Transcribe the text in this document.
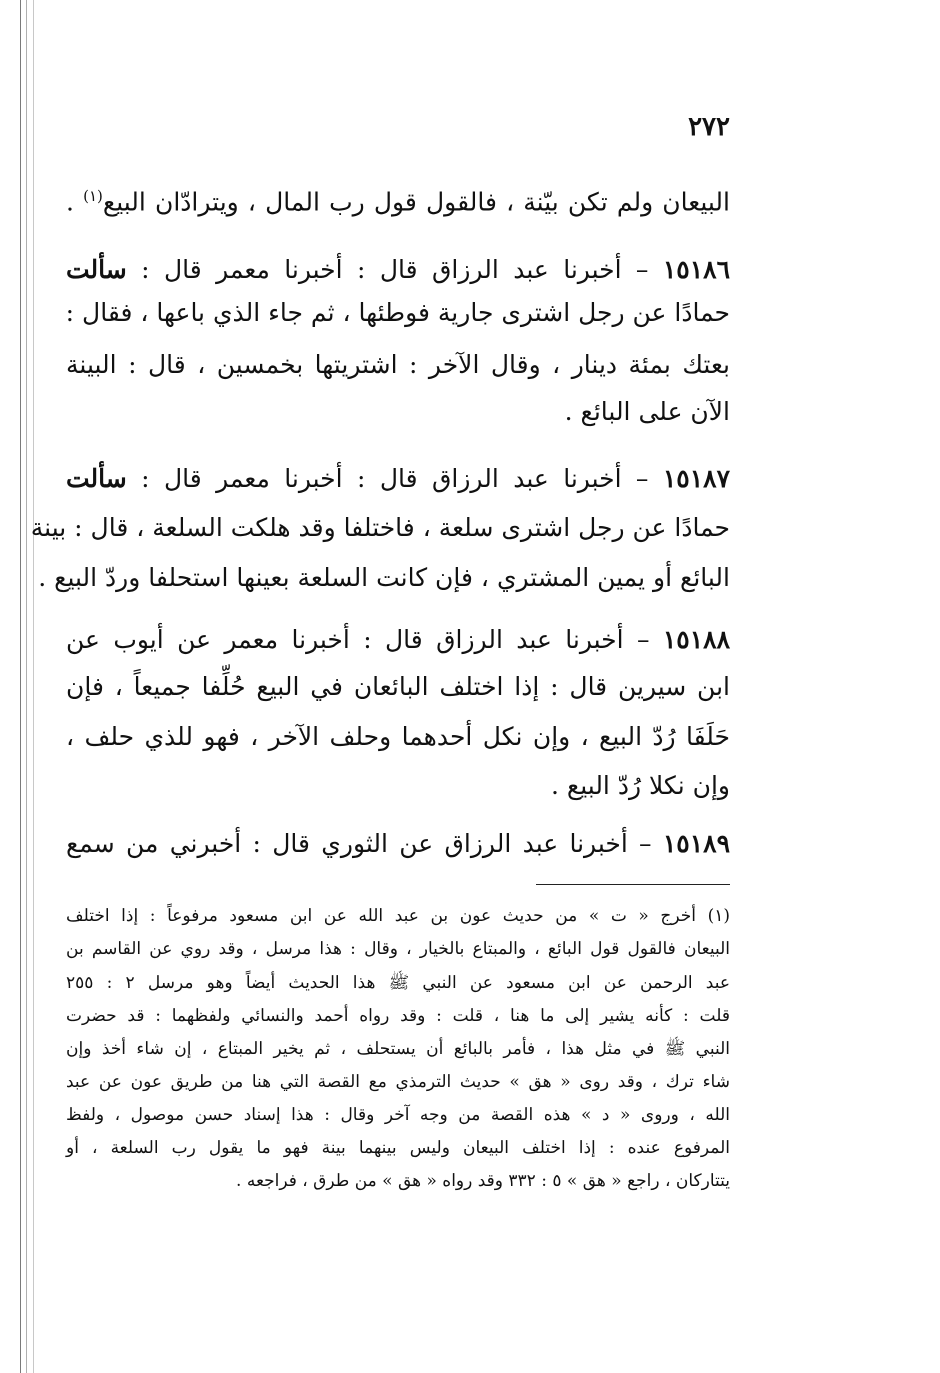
٢٧٢
البيعان ولم تكن بيّنة ، فالقول قول رب المال ، ويترادّان البيع$^{(١)}$ .
١٥١٨٦ – أخبرنا عبد الرزاق قال : أخبرنا معمر قال : سألت
حمادًا عن رجل اشترى جارية فوطئها ، ثم جاء الذي باعها ، فقال :
بعتك بمئة دينار ، وقال الآخر : اشتريتها بخمسين ، قال : البينة
الآن على البائع .
١٥١٨٧ – أخبرنا عبد الرزاق قال : أخبرنا معمر قال : سألت
حمادًا عن رجل اشترى سلعة ، فاختلفا وقد هلكت السلعة ، قال : بينة
البائع أو يمين المشتري ، فإن كانت السلعة بعينها استحلفا وردّ البيع .
١٥١٨٨ – أخبرنا عبد الرزاق قال : أخبرنا معمر عن أيوب عن
ابن سيرين قال : إذا اختلف البائعان في البيع حُلِّفا جميعاً ، فإن
حَلَفَا رُدّ البيع ، وإن نكل أحدهما وحلف الآخر ، فهو للذي حلف ،
وإن نكلا رُدّ البيع .
١٥١٨٩ – أخبرنا عبد الرزاق عن الثوري قال : أخبرني من سمع
(١) أخرج « ت » من حديث عون بن عبد الله عن ابن مسعود مرفوعاً : إذا اختلف
البيعان فالقول قول البائع ، والمبتاع بالخيار ، وقال : هذا مرسل ، وقد روي عن القاسم بن
عبد الرحمن عن ابن مسعود عن النبي ﷺ هذا الحديث أيضاً وهو مرسل ٢ : ٢٥٥
قلت : كأنه يشير إلى ما هنا ، قلت : وقد رواه أحمد والنسائي ولفظهما : قد حضرت
النبي ﷺ في مثل هذا ، فأمر بالبائع أن يستحلف ، ثم يخير المبتاع ، إن شاء أخذ وإن
شاء ترك ، وقد روى « هق » حديث الترمذي مع القصة التي هنا من طريق عون عن عبد
الله ، وروى « د » هذه القصة من وجه آخر وقال : هذا إسناد حسن موصول ، ولفظ
المرفوع عنده : إذا اختلف البيعان وليس بينهما بينة فهو ما يقول رب السلعة ، أو
يتتاركان ، راجع « هق » ٥ : ٣٣٢ وقد رواه « هق » من طرق ، فراجعه .
